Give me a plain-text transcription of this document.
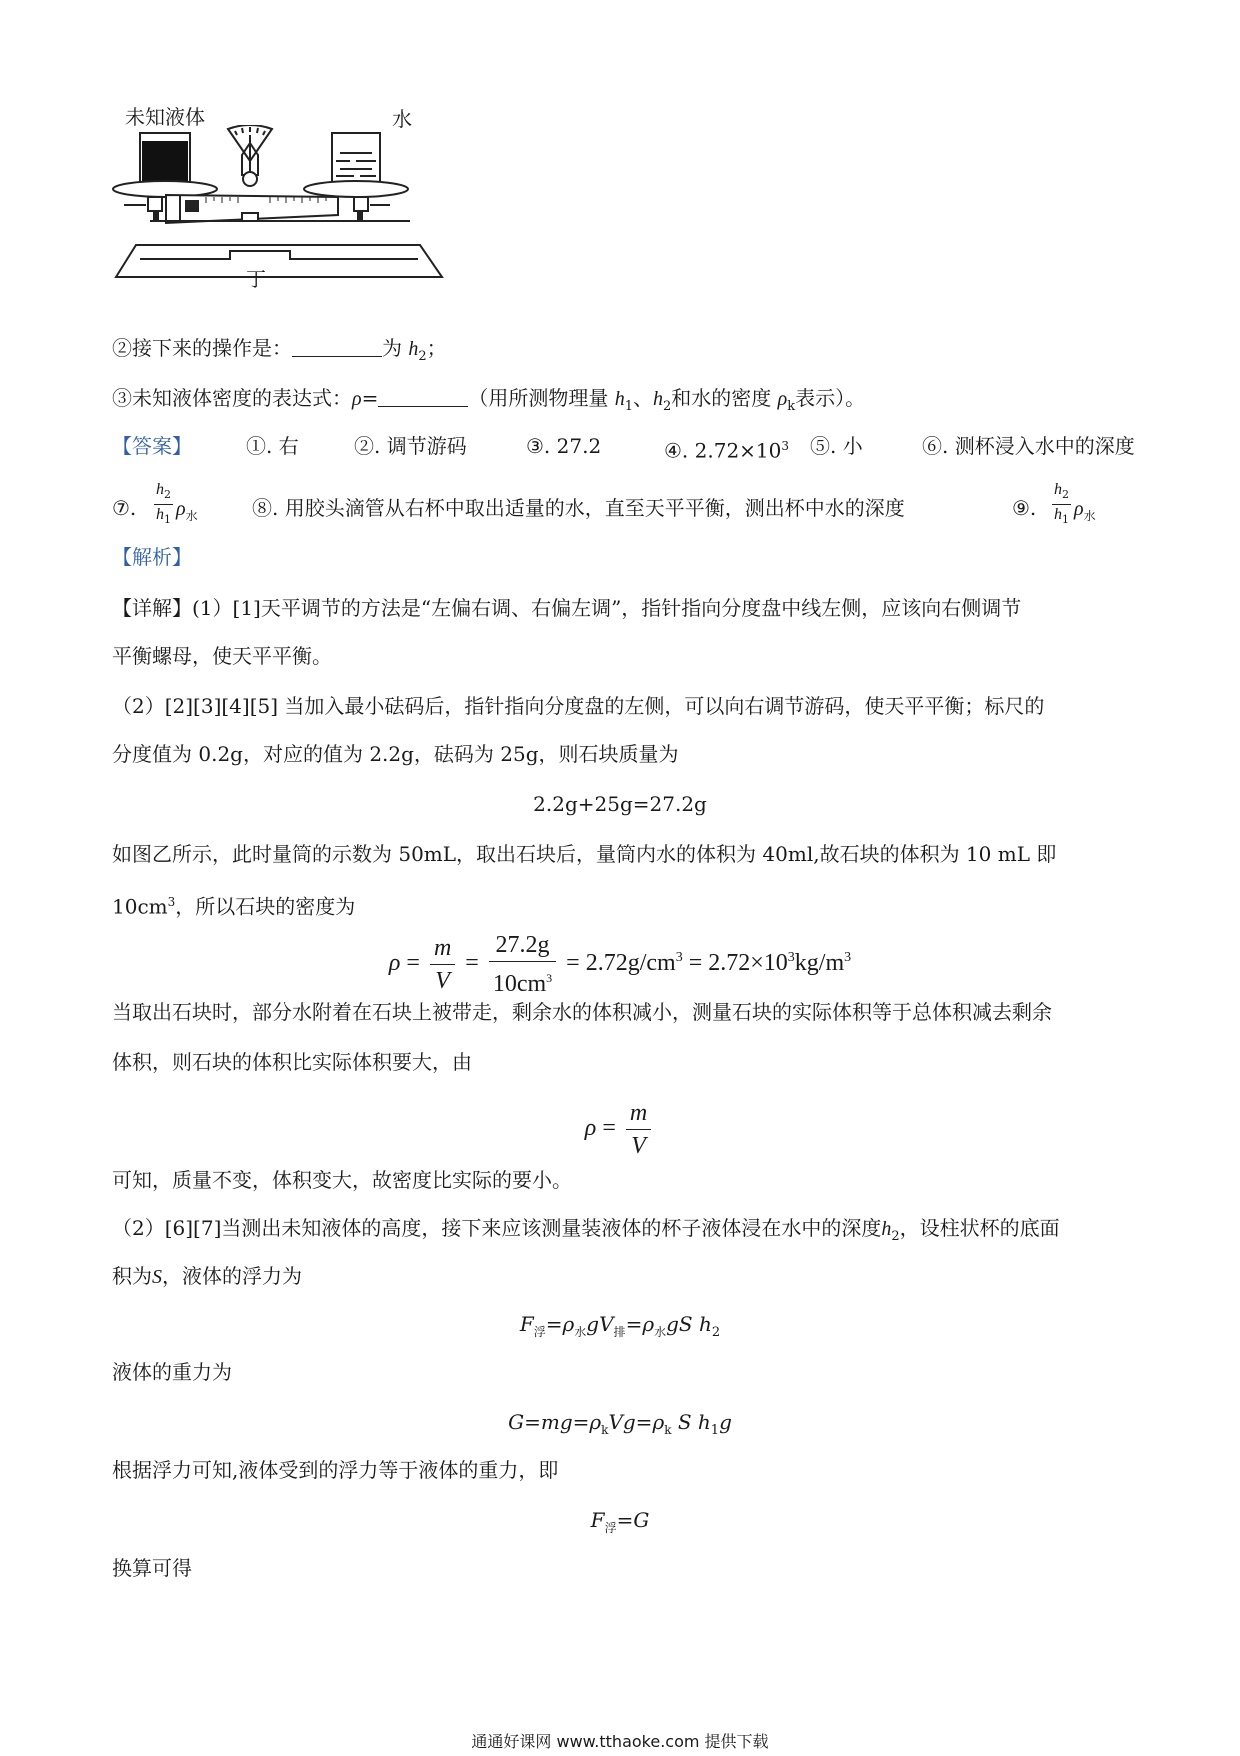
未知液体	水
丁
②接下来的操作是：	为 $h_2$；
③未知液体密度的表达式：ρ=	（用所测物理量 $h_1$、$h_2$和水的密度 $\rho_k$表示）。
【答案】	①. 右	②. 调节游码	③. 27.2	④. $2.72\times 10^3$ ⑤. 小	⑥. 测杯浸入水中的深度
⑦. $\frac{h_2}{h_1} \rho_水$	⑧. 用胶头滴管从右杯中取出适量的水，直至天平平衡，测出杯中水的深度	⑨. $\frac{h_2}{h_1} \rho_水$
【解析】
【详解】(1）[1]天平调节的方法是“左偏右调、右偏左调”，指针指向分度盘中线左侧，应该向右侧调节
平衡螺母，使天平平衡。
（2）[2][3][4][5] 当加入最小砝码后，指针指向分度盘的左侧，可以向右调节游码，使天平平衡；标尺的
分度值为 0.2g，对应的值为 2.2g，砝码为 25g，则石块质量为
2.2g+25g=27.2g
如图乙所示，此时量筒的示数为 50mL，取出石块后，量筒内水的体积为 40ml,故石块的体积为 10 mL 即
$10cm^3$，所以石块的密度为
$\rho = \frac{m}{V} = \frac{27.2g}{10cm^3} = 2.72g/cm^3 = 2.72\times 10^3kg/m^3$
当取出石块时，部分水附着在石块上被带走，剩余水的体积减小，测量石块的实际体积等于总体积减去剩余
体积，则石块的体积比实际体积要大，由
$\rho = \frac{m}{V}$
可知，质量不变，体积变大，故密度比实际的要小。
（2）[6][7]当测出未知液体的高度，接下来应该测量装液体的杯子液体浸在水中的深度$h_2$，设柱状杯的底面
积为S，液体的浮力为
$F_浮=\rho_水gV_排=\rho_水gS$ $h_2$
液体的重力为
$G=mg=\rho_kVg=\rho_k$ S $h_1g$
根据浮力可知,液体受到的浮力等于液体的重力，即
$F_浮=G$
换算可得
通通好课网 www.tthaoke.com 提供下载
